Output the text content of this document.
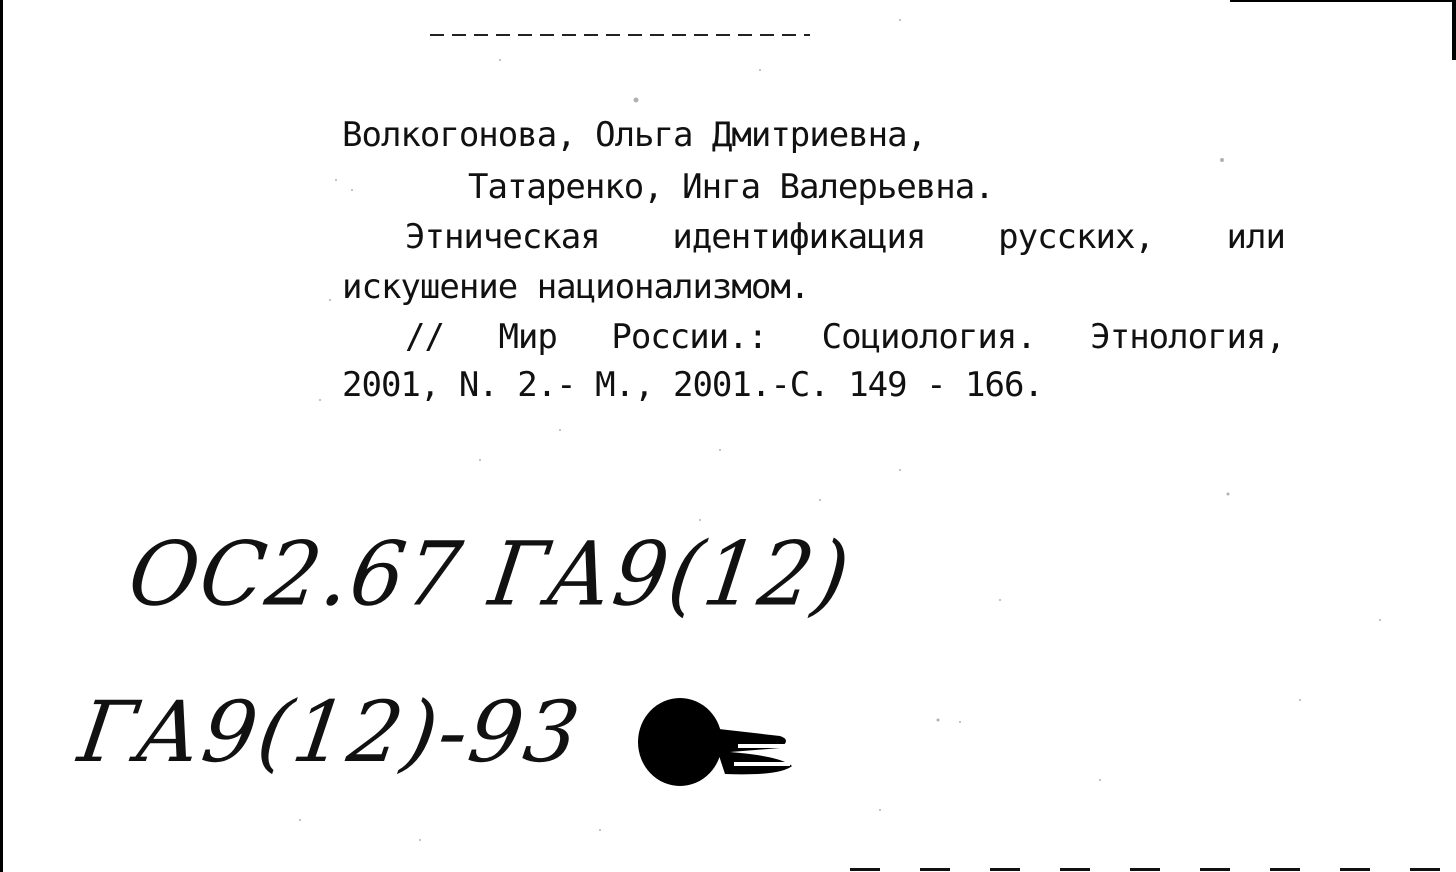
Волкогонова, Ольга Дмитриевна,
Татаренко, Инга Валерьевна.
Этническая идентификация русских, или
искушение национализмом.
// Мир России.: Социология. Этнология,
2001, N. 2.- М., 2001.-С. 149 - 166.
ОС2.67 ГА9(12)
ГА9(12)-93
